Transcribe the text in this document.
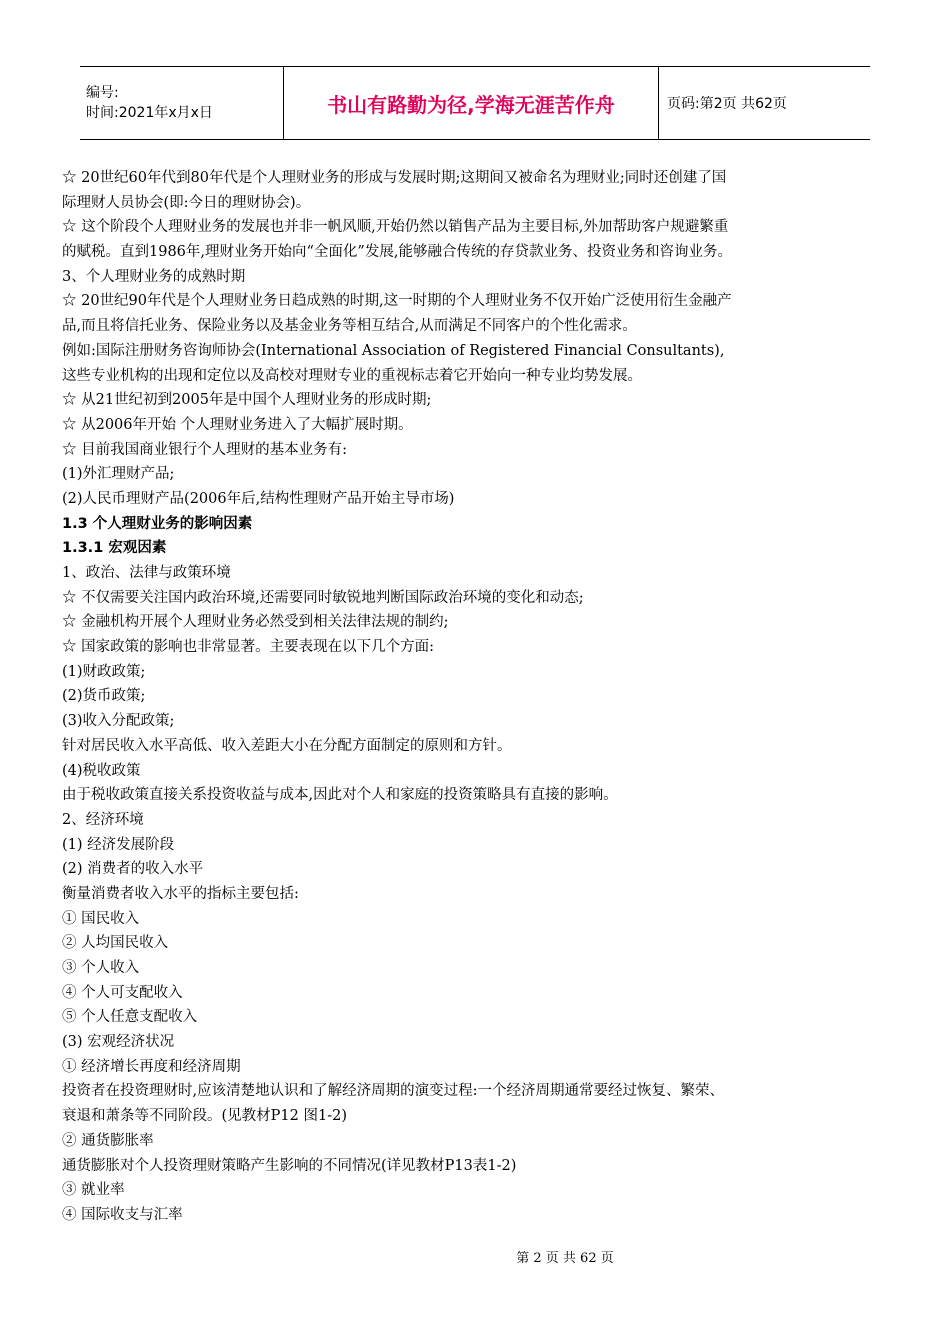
编号:
时间:2021年x月x日	书山有路勤为径,学海无涯苦作舟	页码:第2页 共62页
☆ 20世纪60年代到80年代是个人理财业务的形成与发展时期;这期间又被命名为理财业;同时还创建了国
际理财人员协会(即:今日的理财协会)。
☆ 这个阶段个人理财业务的发展也并非一帆风顺,开始仍然以销售产品为主要目标,外加帮助客户规避繁重
的赋税。直到1986年,理财业务开始向“全面化”发展,能够融合传统的存贷款业务、投资业务和咨询业务。
3、个人理财业务的成熟时期
☆ 20世纪90年代是个人理财业务日趋成熟的时期,这一时期的个人理财业务不仅开始广泛使用衍生金融产
品,而且将信托业务、保险业务以及基金业务等相互结合,从而满足不同客户的个性化需求。
例如:国际注册财务咨询师协会(International Association of Registered Financial Consultants),
这些专业机构的出现和定位以及高校对理财专业的重视标志着它开始向一种专业均势发展。
☆ 从21世纪初到2005年是中国个人理财业务的形成时期;
☆ 从2006年开始 个人理财业务进入了大幅扩展时期。
☆ 目前我国商业银行个人理财的基本业务有:
(1)外汇理财产品;
(2)人民币理财产品(2006年后,结构性理财产品开始主导市场)
1.3 个人理财业务的影响因素
1.3.1 宏观因素
1、政治、法律与政策环境
☆ 不仅需要关注国内政治环境,还需要同时敏锐地判断国际政治环境的变化和动态;
☆ 金融机构开展个人理财业务必然受到相关法律法规的制约;
☆ 国家政策的影响也非常显著。主要表现在以下几个方面:
(1)财政政策;
(2)货币政策;
(3)收入分配政策;
针对居民收入水平高低、收入差距大小在分配方面制定的原则和方针。
(4)税收政策
由于税收政策直接关系投资收益与成本,因此对个人和家庭的投资策略具有直接的影响。
2、经济环境
(1) 经济发展阶段
(2) 消费者的收入水平
衡量消费者收入水平的指标主要包括:
① 国民收入
② 人均国民收入
③ 个人收入
④ 个人可支配收入
⑤ 个人任意支配收入
(3) 宏观经济状况
① 经济增长再度和经济周期
投资者在投资理财时,应该清楚地认识和了解经济周期的演变过程:一个经济周期通常要经过恢复、繁荣、
衰退和萧条等不同阶段。(见教材P12 图1-2)
② 通货膨胀率
通货膨胀对个人投资理财策略产生影响的不同情况(详见教材P13表1-2)
③ 就业率
④ 国际收支与汇率
第 2 页 共 62 页
